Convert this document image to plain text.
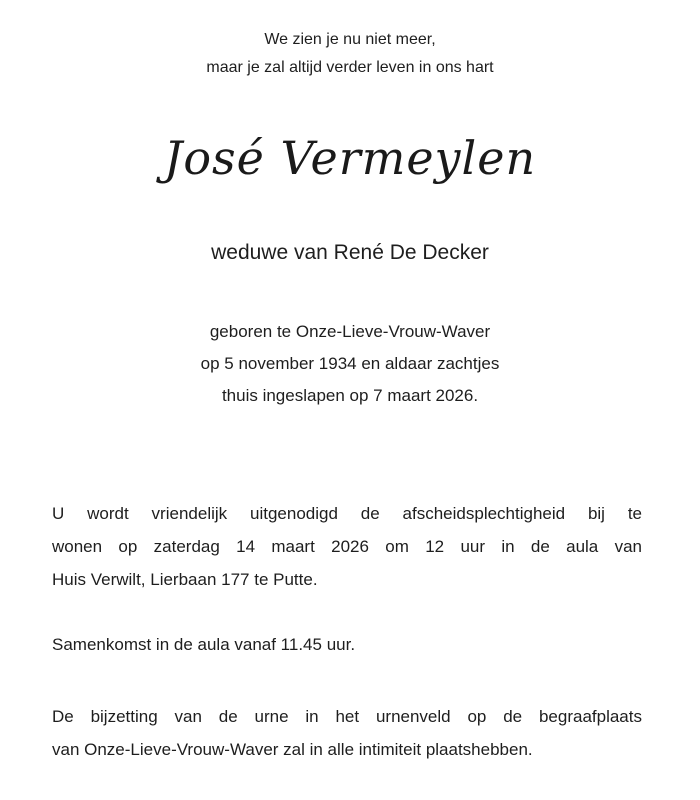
We zien je nu niet meer,
maar je zal altijd verder leven in ons hart
José Vermeylen
weduwe van René De Decker
geboren te Onze-Lieve-Vrouw-Waver
op 5 november 1934 en aldaar zachtjes
thuis ingeslapen op 7 maart 2026.
U wordt vriendelijk uitgenodigd de afscheidsplechtigheid bij te
wonen op zaterdag 14 maart 2026 om 12 uur in de aula van
Huis Verwilt, Lierbaan 177 te Putte.
Samenkomst in de aula vanaf 11.45 uur.
De bijzetting van de urne in het urnenveld op de begraafplaats
van Onze-Lieve-Vrouw-Waver zal in alle intimiteit plaatshebben.
